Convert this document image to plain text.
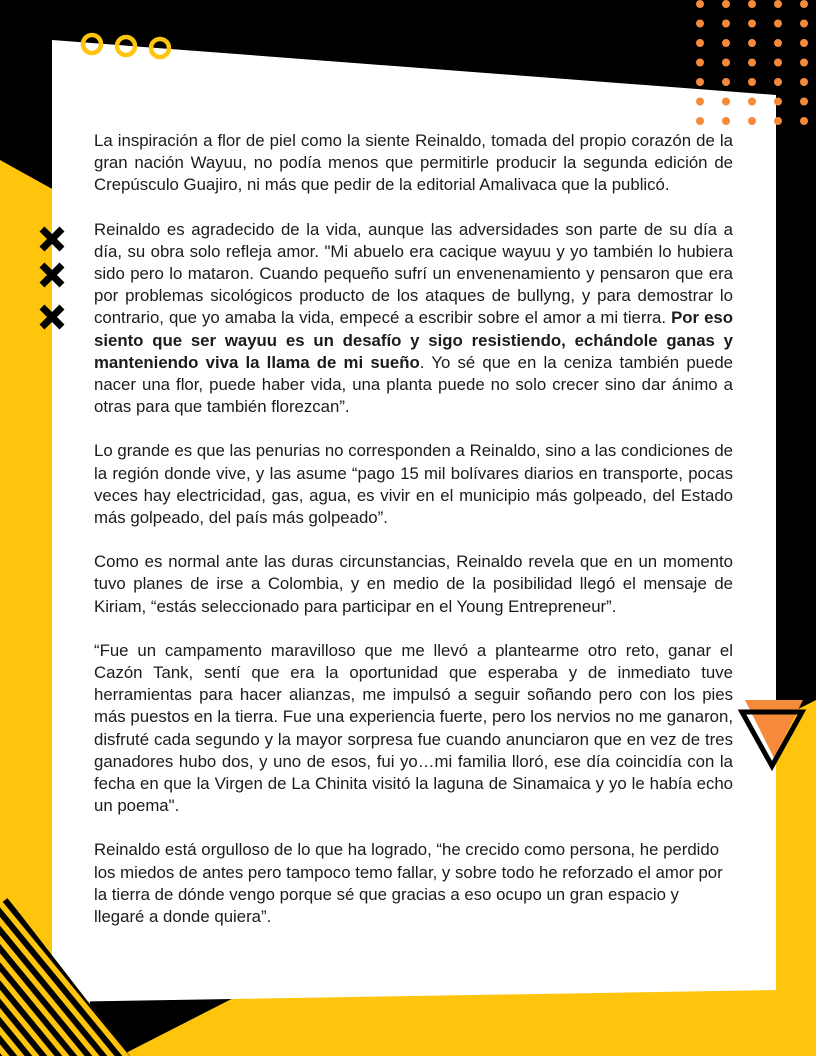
La inspiración a flor de piel como la siente Reinaldo, tomada del propio corazón de la gran nación Wayuu, no podía menos que permitirle producir la segunda edición de Crepúsculo Guajiro, ni más que pedir de la editorial Amalivaca que la publicó.

Reinaldo es agradecido de la vida, aunque las adversidades son parte de su día a día, su obra solo refleja amor. "Mi abuelo era cacique wayuu y yo también lo hubiera sido pero lo mataron. Cuando pequeño sufrí un envenenamiento y pensaron que era por problemas sicológicos producto de los ataques de bullyng, y para demostrar lo contrario, que yo amaba la vida, empecé a escribir sobre el amor a mi tierra. Por eso siento que ser wayuu es un desafío y sigo resistiendo, echándole ganas y manteniendo viva la llama de mi sueño. Yo sé que en la ceniza también puede nacer una flor, puede haber vida, una planta puede no solo crecer sino dar ánimo a otras para que también florezcan”.

Lo grande es que las penurias no corresponden a Reinaldo, sino a las condiciones de la región donde vive, y las asume “pago 15 mil bolívares diarios en transporte, pocas veces hay electricidad, gas, agua, es vivir en el municipio más golpeado, del Estado más golpeado, del país más golpeado”.

Como es normal ante las duras circunstancias, Reinaldo revela que en un momento tuvo planes de irse a Colombia, y en medio de la posibilidad llegó el mensaje de Kiriam, “estás seleccionado para participar en el Young Entrepreneur”.

“Fue un campamento maravilloso que me llevó a plantearme otro reto, ganar el Cazón Tank, sentí que era la oportunidad que esperaba y de inmediato tuve herramientas para hacer alianzas, me impulsó a seguir soñando pero con los pies más puestos en la tierra. Fue una experiencia fuerte, pero los nervios no me ganaron, disfruté cada segundo y la mayor sorpresa fue cuando anunciaron que en vez de tres ganadores hubo dos, y uno de esos, fui yo…mi familia lloró, ese día coincidía con la fecha en que la Virgen de La Chinita visitó la laguna de Sinamaica y yo le había echo un poema".

Reinaldo está orgulloso de lo que ha logrado, “he crecido como persona, he perdido los miedos de antes pero tampoco temo fallar, y sobre todo he reforzado el amor por la tierra de dónde vengo porque sé que gracias a eso ocupo un gran espacio y llegaré a donde quiera”.
